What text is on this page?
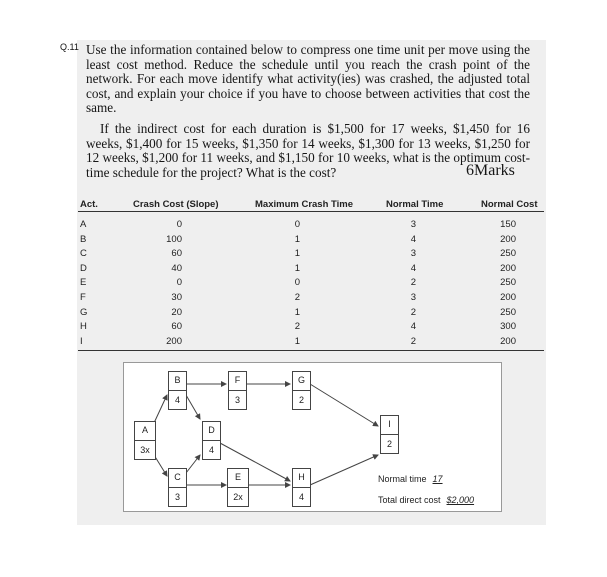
Q.11 Use the information contained below to compress one time unit per move using the least cost method. Reduce the schedule until you reach the crash point of the network. For each move identify what activity(ies) was crashed, the adjusted total cost, and explain your choice if you have to choose between activities that cost the same.
If the indirect cost for each duration is $1,500 for 17 weeks, $1,450 for 16 weeks, $1,400 for 15 weeks, $1,350 for 14 weeks, $1,300 for 13 weeks, $1,250 for 12 weeks, $1,200 for 11 weeks, and $1,150 for 10 weeks, what is the optimum cost-time schedule for the project? What is the cost?	6Marks
Act.	Crash Cost (Slope)	Maximum Crash Time	Normal Time	Normal Cost
A	0	0	3	150
B	100	1	4	200
C	60	1	3	250
D	40	1	4	200
E	0	0	2	250
F	30	2	3	200
G	20	1	2	250
H	60	2	4	300
I	200	1	2	200
A
3x
B
4
C
3
D
4
E
2x
F
3
G
2
H
4
I
2
Normal time 17
Total direct cost $2,000
